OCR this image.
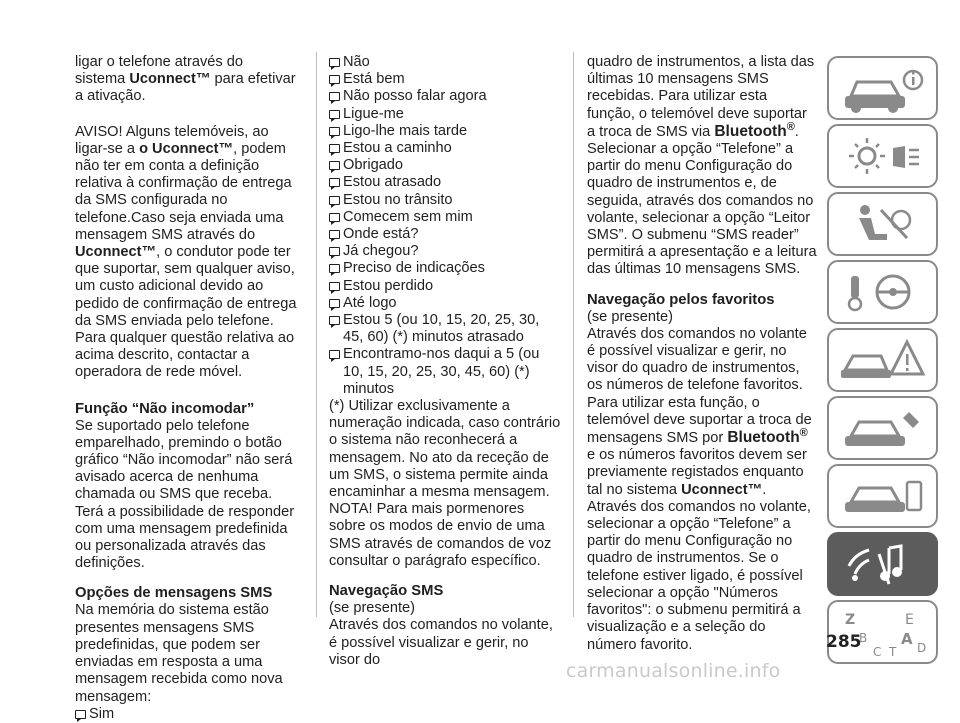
ligar o telefone através do sistema Uconnect™ para efetivar a ativação.

AVISO! Alguns telemóveis, ao ligar-se a o Uconnect™, podem não ter em conta a definição relativa à confirmação de entrega da SMS configurada no telefone.Caso seja enviada uma mensagem SMS através do Uconnect™, o condutor pode ter que suportar, sem qualquer aviso, um custo adicional devido ao pedido de confirmação de entrega da SMS enviada pelo telefone. Para qualquer questão relativa ao acima descrito, contactar a operadora de rede móvel.

Função “Não incomodar”

Se suportado pelo telefone emparelhado, premindo o botão gráfico “Não incomodar” não será avisado acerca de nenhuma chamada ou SMS que receba. Terá a possibilidade de responder com uma mensagem predefinida ou personalizada através das definições.

Opções de mensagens SMS

Na memória do sistema estão presentes mensagens SMS predefinidas, que podem ser enviadas em resposta a uma mensagem recebida como nova mensagem:

Sim
Não
Está bem
Não posso falar agora
Ligue-me
Ligo-lhe mais tarde
Estou a caminho
Obrigado
Estou atrasado
Estou no trânsito
Comecem sem mim
Onde está?
Já chegou?
Preciso de indicações
Estou perdido
Até logo
Estou 5 (ou 10, 15, 20, 25, 30, 45, 60) (*) minutos atrasado
Encontramo-nos daqui a 5 (ou 10, 15, 20, 25, 30, 45, 60) (*) minutos

(*) Utilizar exclusivamente a numeração indicada, caso contrário o sistema não reconhecerá a mensagem. No ato da receção de um SMS, o sistema permite ainda encaminhar a mesma mensagem.

NOTA! Para mais pormenores sobre os modos de envio de uma SMS através de comandos de voz consultar o parágrafo específico.

Navegação SMS

(se presente)

Através dos comandos no volante, é possível visualizar e gerir, no visor do

quadro de instrumentos, a lista das últimas 10 mensagens SMS recebidas. Para utilizar esta função, o telemóvel deve suportar a troca de SMS via Bluetooth®.

Selecionar a opção “Telefone” a partir do menu Configuração do quadro de instrumentos e, de seguida, através dos comandos no volante, selecionar a opção “Leitor SMS”. O submenu “SMS reader” permitirá a apresentação e a leitura das últimas 10 mensagens SMS.

Navegação pelos favoritos

(se presente)

Através dos comandos no volante é possível visualizar e gerir, no visor do quadro de instrumentos, os números de telefone favoritos. Para utilizar esta função, o telemóvel deve suportar a troca de mensagens SMS por Bluetooth® e os números favoritos devem ser previamente registados enquanto tal no sistema Uconnect™.

Através dos comandos no volante, selecionar a opção “Telefone” a partir do menu Configuração no quadro de instrumentos. Se o telefone estiver ligado, é possível selecionar a opção "Números favoritos": o submenu permitirá a visualização e a seleção do número favorito.

Z
B
C T
E
A D
285
carmanualsonline.info
